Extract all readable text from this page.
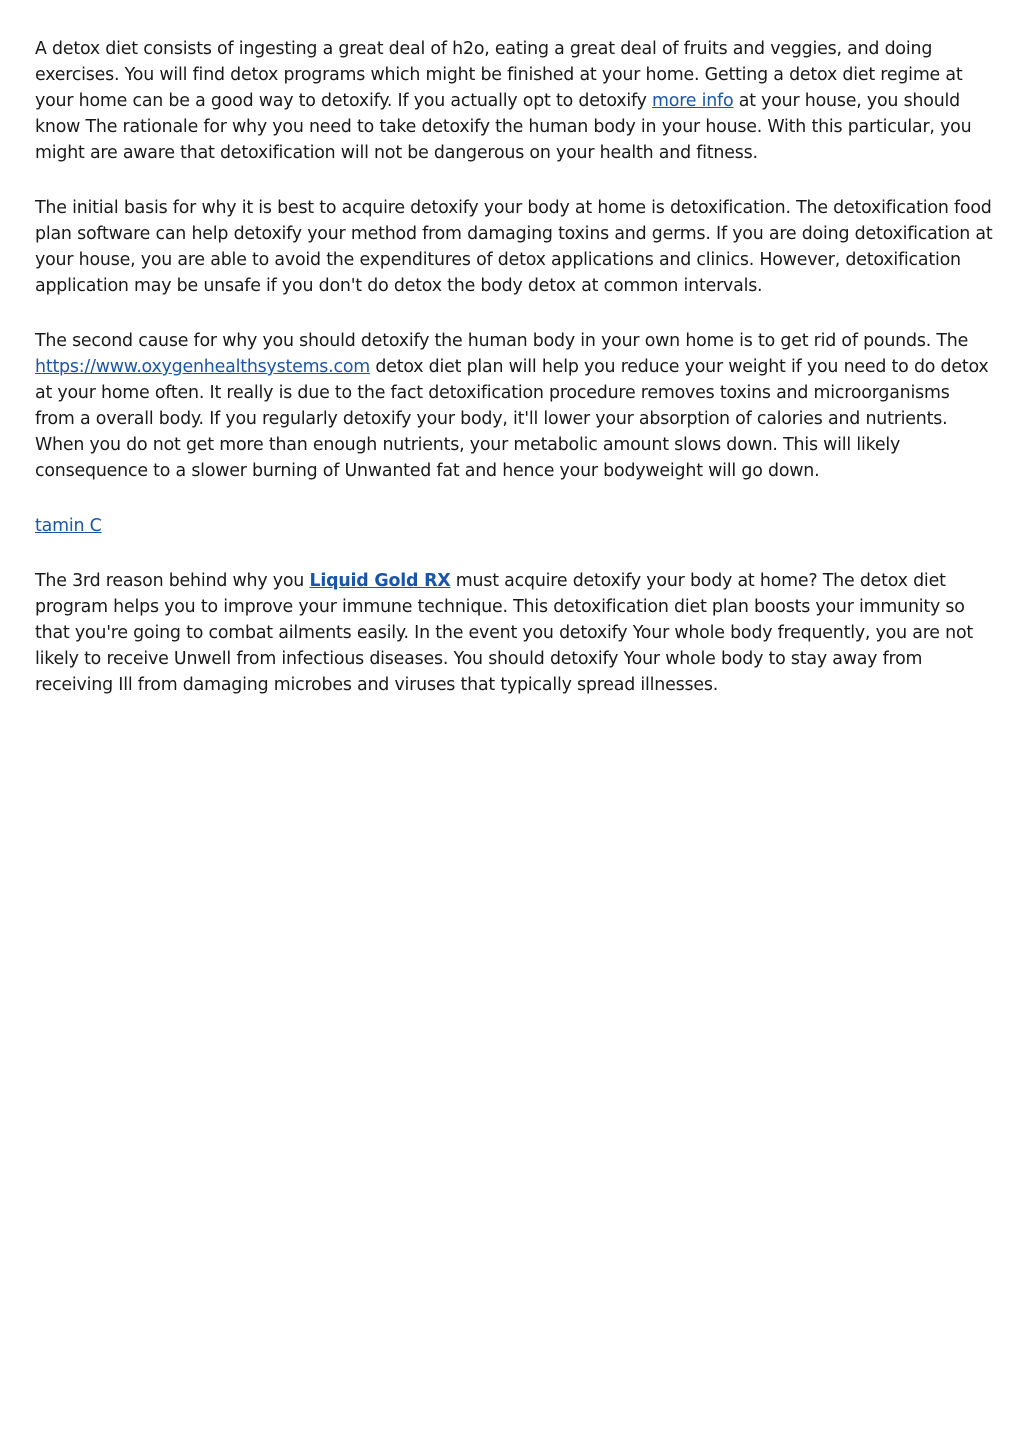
A detox diet consists of ingesting a great deal of h2o, eating a great deal of fruits and veggies, and doing exercises. You will find detox programs which might be finished at your home. Getting a detox diet regime at your home can be a good way to detoxify. If you actually opt to detoxify more info at your house, you should know The rationale for why you need to take detoxify the human body in your house. With this particular, you might are aware that detoxification will not be dangerous on your health and fitness.

The initial basis for why it is best to acquire detoxify your body at home is detoxification. The detoxification food plan software can help detoxify your method from damaging toxins and germs. If you are doing detoxification at your house, you are able to avoid the expenditures of detox applications and clinics. However, detoxification application may be unsafe if you don't do detox the body detox at common intervals.

The second cause for why you should detoxify the human body in your own home is to get rid of pounds. The https://www.oxygenhealthsystems.com detox diet plan will help you reduce your weight if you need to do detox at your home often. It really is due to the fact detoxification procedure removes toxins and microorganisms from a overall body. If you regularly detoxify your body, it'll lower your absorption of calories and nutrients. When you do not get more than enough nutrients, your metabolic amount slows down. This will likely consequence to a slower burning of Unwanted fat and hence your bodyweight will go down.

tamin C

The 3rd reason behind why you Liquid Gold RX must acquire detoxify your body at home? The detox diet program helps you to improve your immune technique. This detoxification diet plan boosts your immunity so that you're going to combat ailments easily. In the event you detoxify Your whole body frequently, you are not likely to receive Unwell from infectious diseases. You should detoxify Your whole body to stay away from receiving Ill from damaging microbes and viruses that typically spread illnesses.
